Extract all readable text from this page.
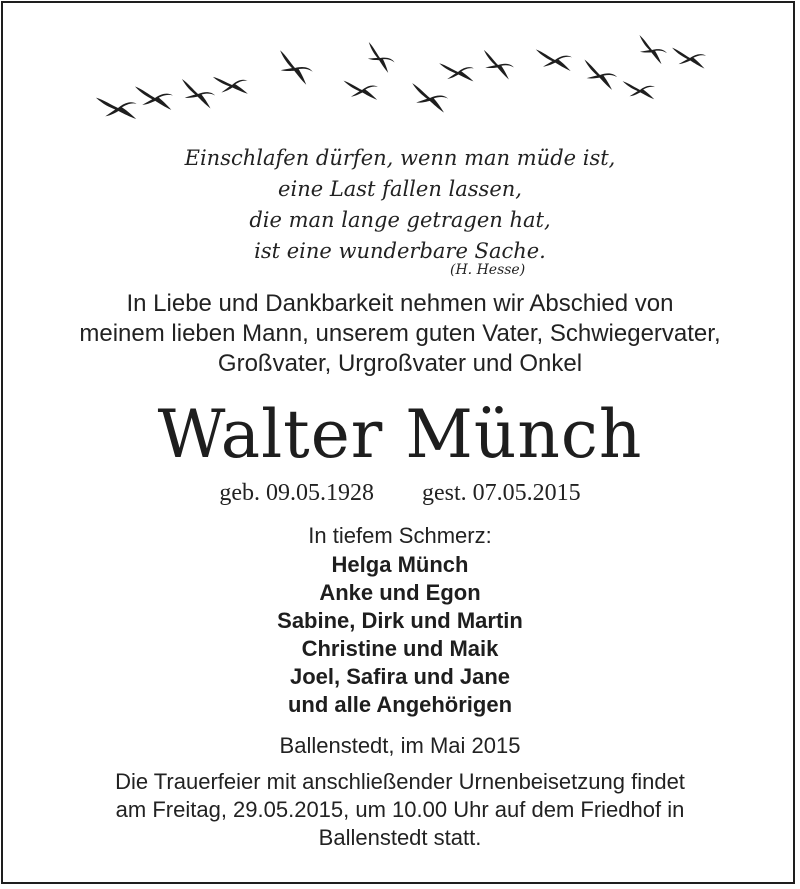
Einschlafen dürfen, wenn man müde ist,
eine Last fallen lassen,
die man lange getragen hat,
ist eine wunderbare Sache.
(H. Hesse)
In Liebe und Dankbarkeit nehmen wir Abschied von
meinem lieben Mann, unserem guten Vater, Schwiegervater,
Großvater, Urgroßvater und Onkel
Walter Münch
geb. 09.05.1928 gest. 07.05.2015
In tiefem Schmerz:
Helga Münch
Anke und Egon
Sabine, Dirk und Martin
Christine und Maik
Joel, Safira und Jane
und alle Angehörigen
Ballenstedt, im Mai 2015
Die Trauerfeier mit anschließender Urnenbeisetzung findet
am Freitag, 29.05.2015, um 10.00 Uhr auf dem Friedhof in
Ballenstedt statt.
